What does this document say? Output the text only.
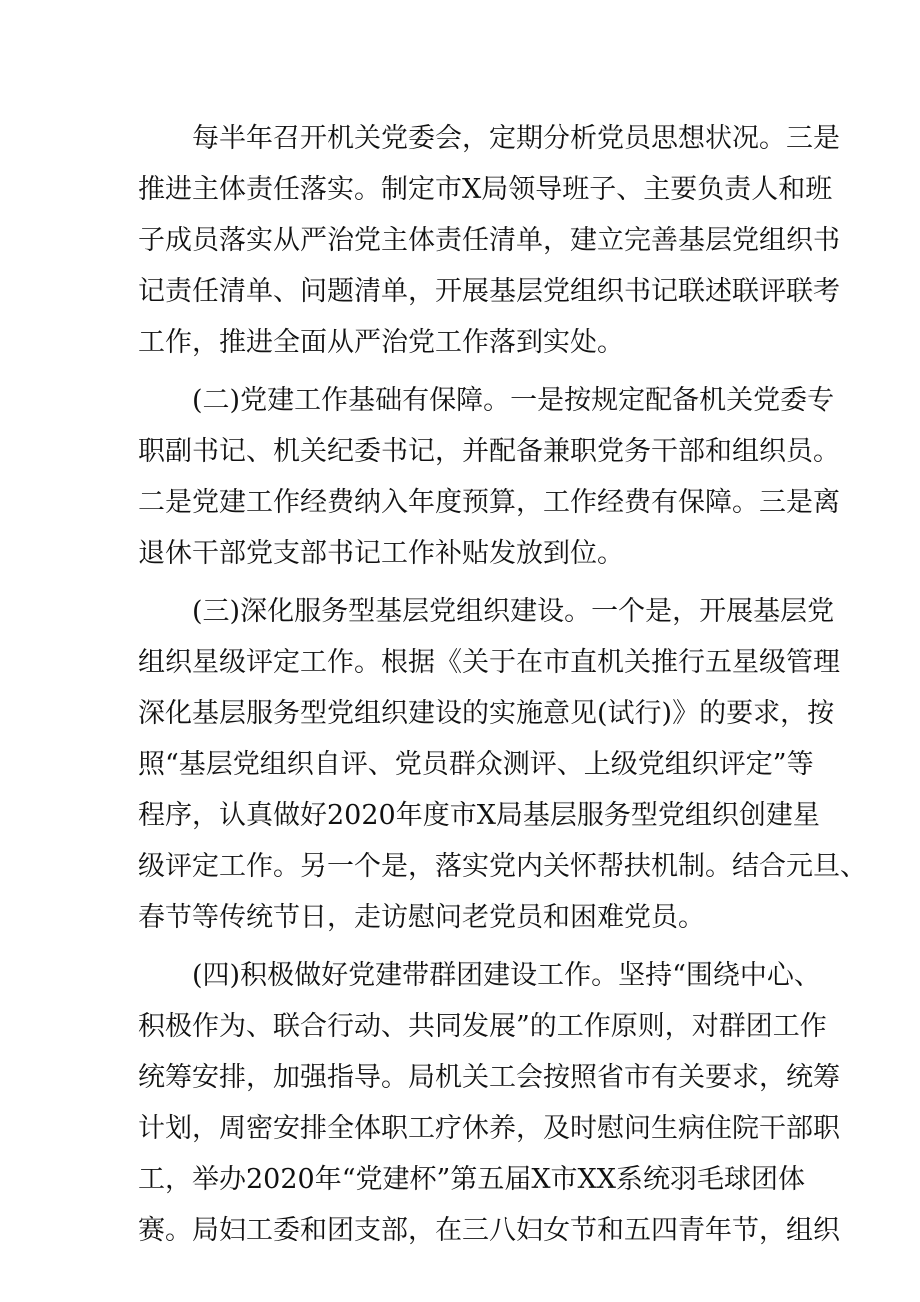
每半年召开机关党委会，定期分析党员思想状况。三是
推进主体责任落实。制定市X局领导班子、主要负责人和班
子成员落实从严治党主体责任清单，建立完善基层党组织书
记责任清单、问题清单，开展基层党组织书记联述联评联考
工作，推进全面从严治党工作落到实处。
(二)党建工作基础有保障。一是按规定配备机关党委专
职副书记、机关纪委书记，并配备兼职党务干部和组织员。
二是党建工作经费纳入年度预算，工作经费有保障。三是离
退休干部党支部书记工作补贴发放到位。
(三)深化服务型基层党组织建设。一个是，开展基层党
组织星级评定工作。根据《关于在市直机关推行五星级管理
深化基层服务型党组织建设的实施意见(试行)》的要求，按
照“基层党组织自评、党员群众测评、上级党组织评定”等
程序，认真做好2020年度市X局基层服务型党组织创建星
级评定工作。另一个是，落实党内关怀帮扶机制。结合元旦、
春节等传统节日，走访慰问老党员和困难党员。
(四)积极做好党建带群团建设工作。坚持“围绕中心、
积极作为、联合行动、共同发展”的工作原则，对群团工作
统筹安排，加强指导。局机关工会按照省市有关要求，统筹
计划，周密安排全体职工疗休养，及时慰问生病住院干部职
工，举办2020年“党建杯”第五届X市XX系统羽毛球团体
赛。局妇工委和团支部，在三八妇女节和五四青年节，组织
